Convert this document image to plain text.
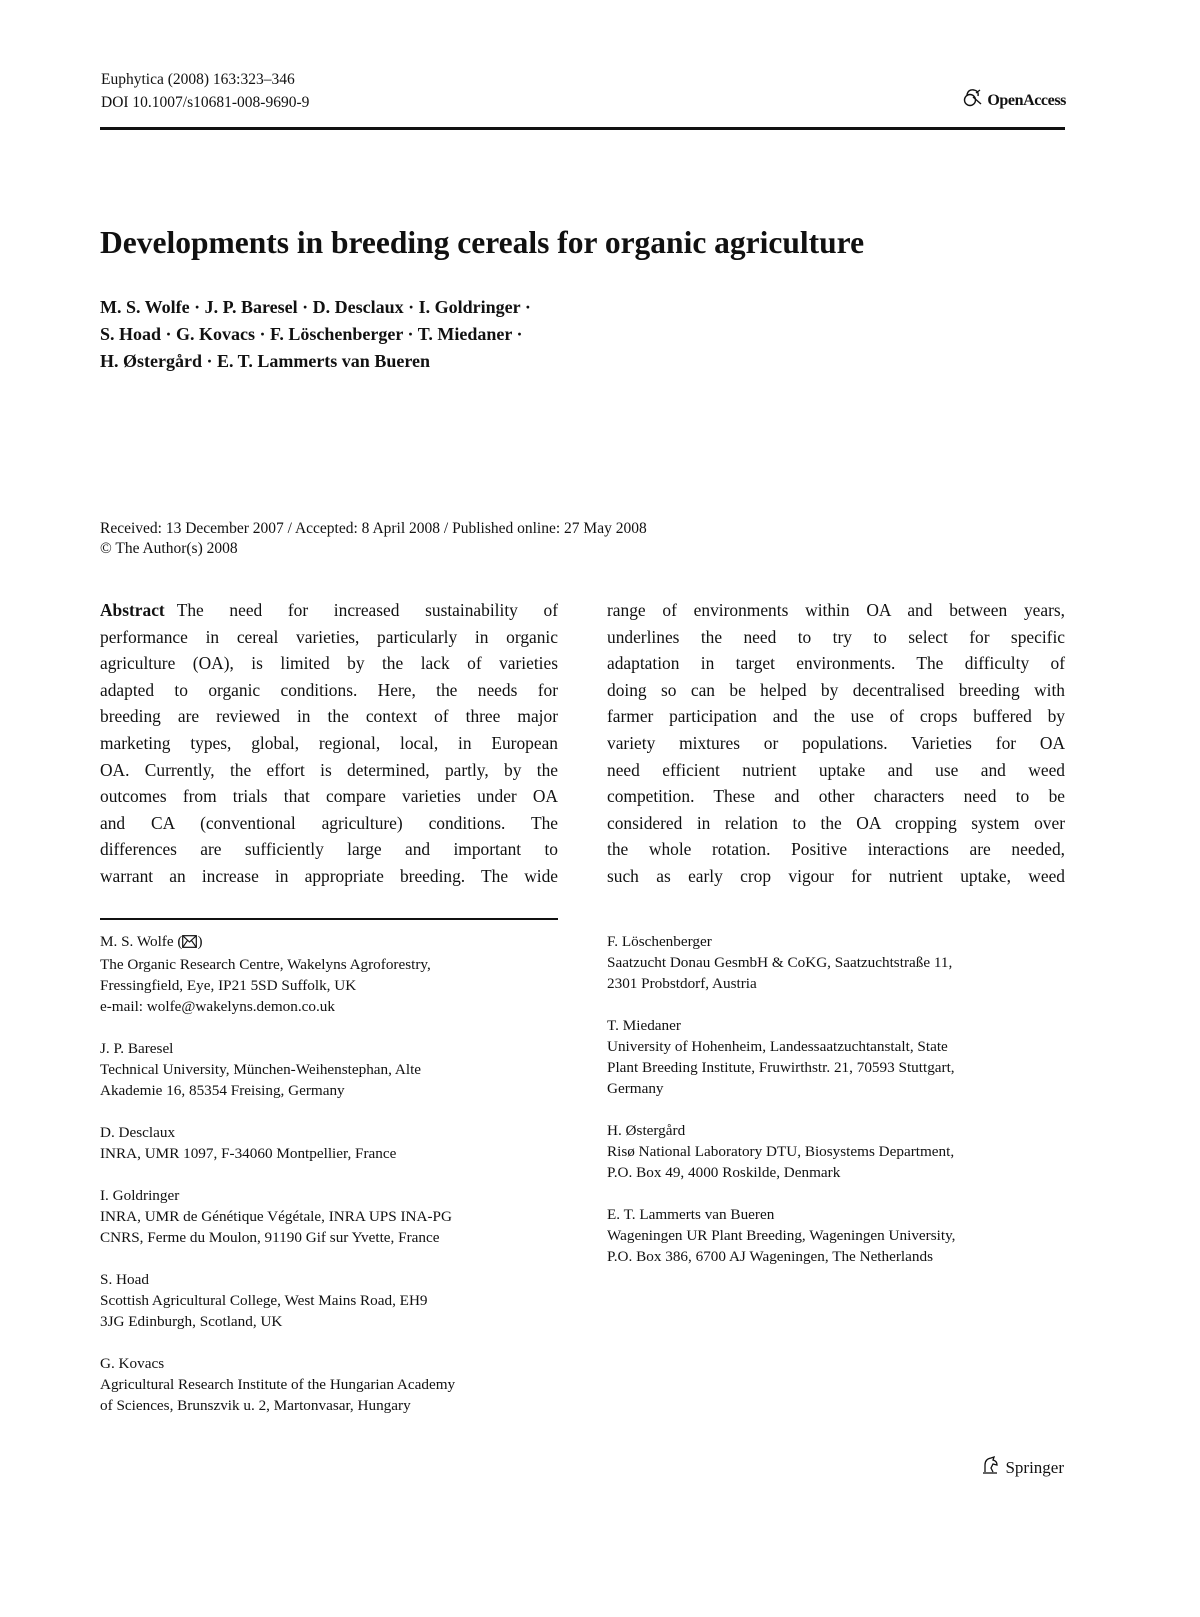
Euphytica (2008) 163:323–346
DOI 10.1007/s10681-008-9690-9	OpenAccess
Developments in breeding cereals for organic agriculture
M. S. Wolfe · J. P. Baresel · D. Desclaux · I. Goldringer ·
S. Hoad · G. Kovacs · F. Löschenberger · T. Miedaner ·
H. Østergård · E. T. Lammerts van Bueren
Received: 13 December 2007 / Accepted: 8 April 2008 / Published online: 27 May 2008
© The Author(s) 2008
Abstract The need for increased sustainability of
performance in cereal varieties, particularly in organic
agriculture (OA), is limited by the lack of varieties
adapted to organic conditions. Here, the needs for
breeding are reviewed in the context of three major
marketing types, global, regional, local, in European
OA. Currently, the effort is determined, partly, by the
outcomes from trials that compare varieties under OA
and CA (conventional agriculture) conditions. The
differences are sufficiently large and important to
warrant an increase in appropriate breeding. The wide
range of environments within OA and between years,
underlines the need to try to select for specific
adaptation in target environments. The difficulty of
doing so can be helped by decentralised breeding with
farmer participation and the use of crops buffered by
variety mixtures or populations. Varieties for OA
need efficient nutrient uptake and use and weed
competition. These and other characters need to be
considered in relation to the OA cropping system over
the whole rotation. Positive interactions are needed,
such as early crop vigour for nutrient uptake, weed
M. S. Wolfe ( )
The Organic Research Centre, Wakelyns Agroforestry,
Fressingfield, Eye, IP21 5SD Suffolk, UK
e-mail: wolfe@wakelyns.demon.co.uk
J. P. Baresel
Technical University, München-Weihenstephan, Alte
Akademie 16, 85354 Freising, Germany
D. Desclaux
INRA, UMR 1097, F-34060 Montpellier, France
I. Goldringer
INRA, UMR de Génétique Végétale, INRA UPS INA-PG
CNRS, Ferme du Moulon, 91190 Gif sur Yvette, France
S. Hoad
Scottish Agricultural College, West Mains Road, EH9
3JG Edinburgh, Scotland, UK
G. Kovacs
Agricultural Research Institute of the Hungarian Academy
of Sciences, Brunszvik u. 2, Martonvasar, Hungary
F. Löschenberger
Saatzucht Donau GesmbH & CoKG, Saatzuchtstraße 11,
2301 Probstdorf, Austria
T. Miedaner
University of Hohenheim, Landessaatzuchtanstalt, State
Plant Breeding Institute, Fruwirthstr. 21, 70593 Stuttgart,
Germany
H. Østergård
Risø National Laboratory DTU, Biosystems Department,
P.O. Box 49, 4000 Roskilde, Denmark
E. T. Lammerts van Bueren
Wageningen UR Plant Breeding, Wageningen University,
P.O. Box 386, 6700 AJ Wageningen, The Netherlands
Springer
